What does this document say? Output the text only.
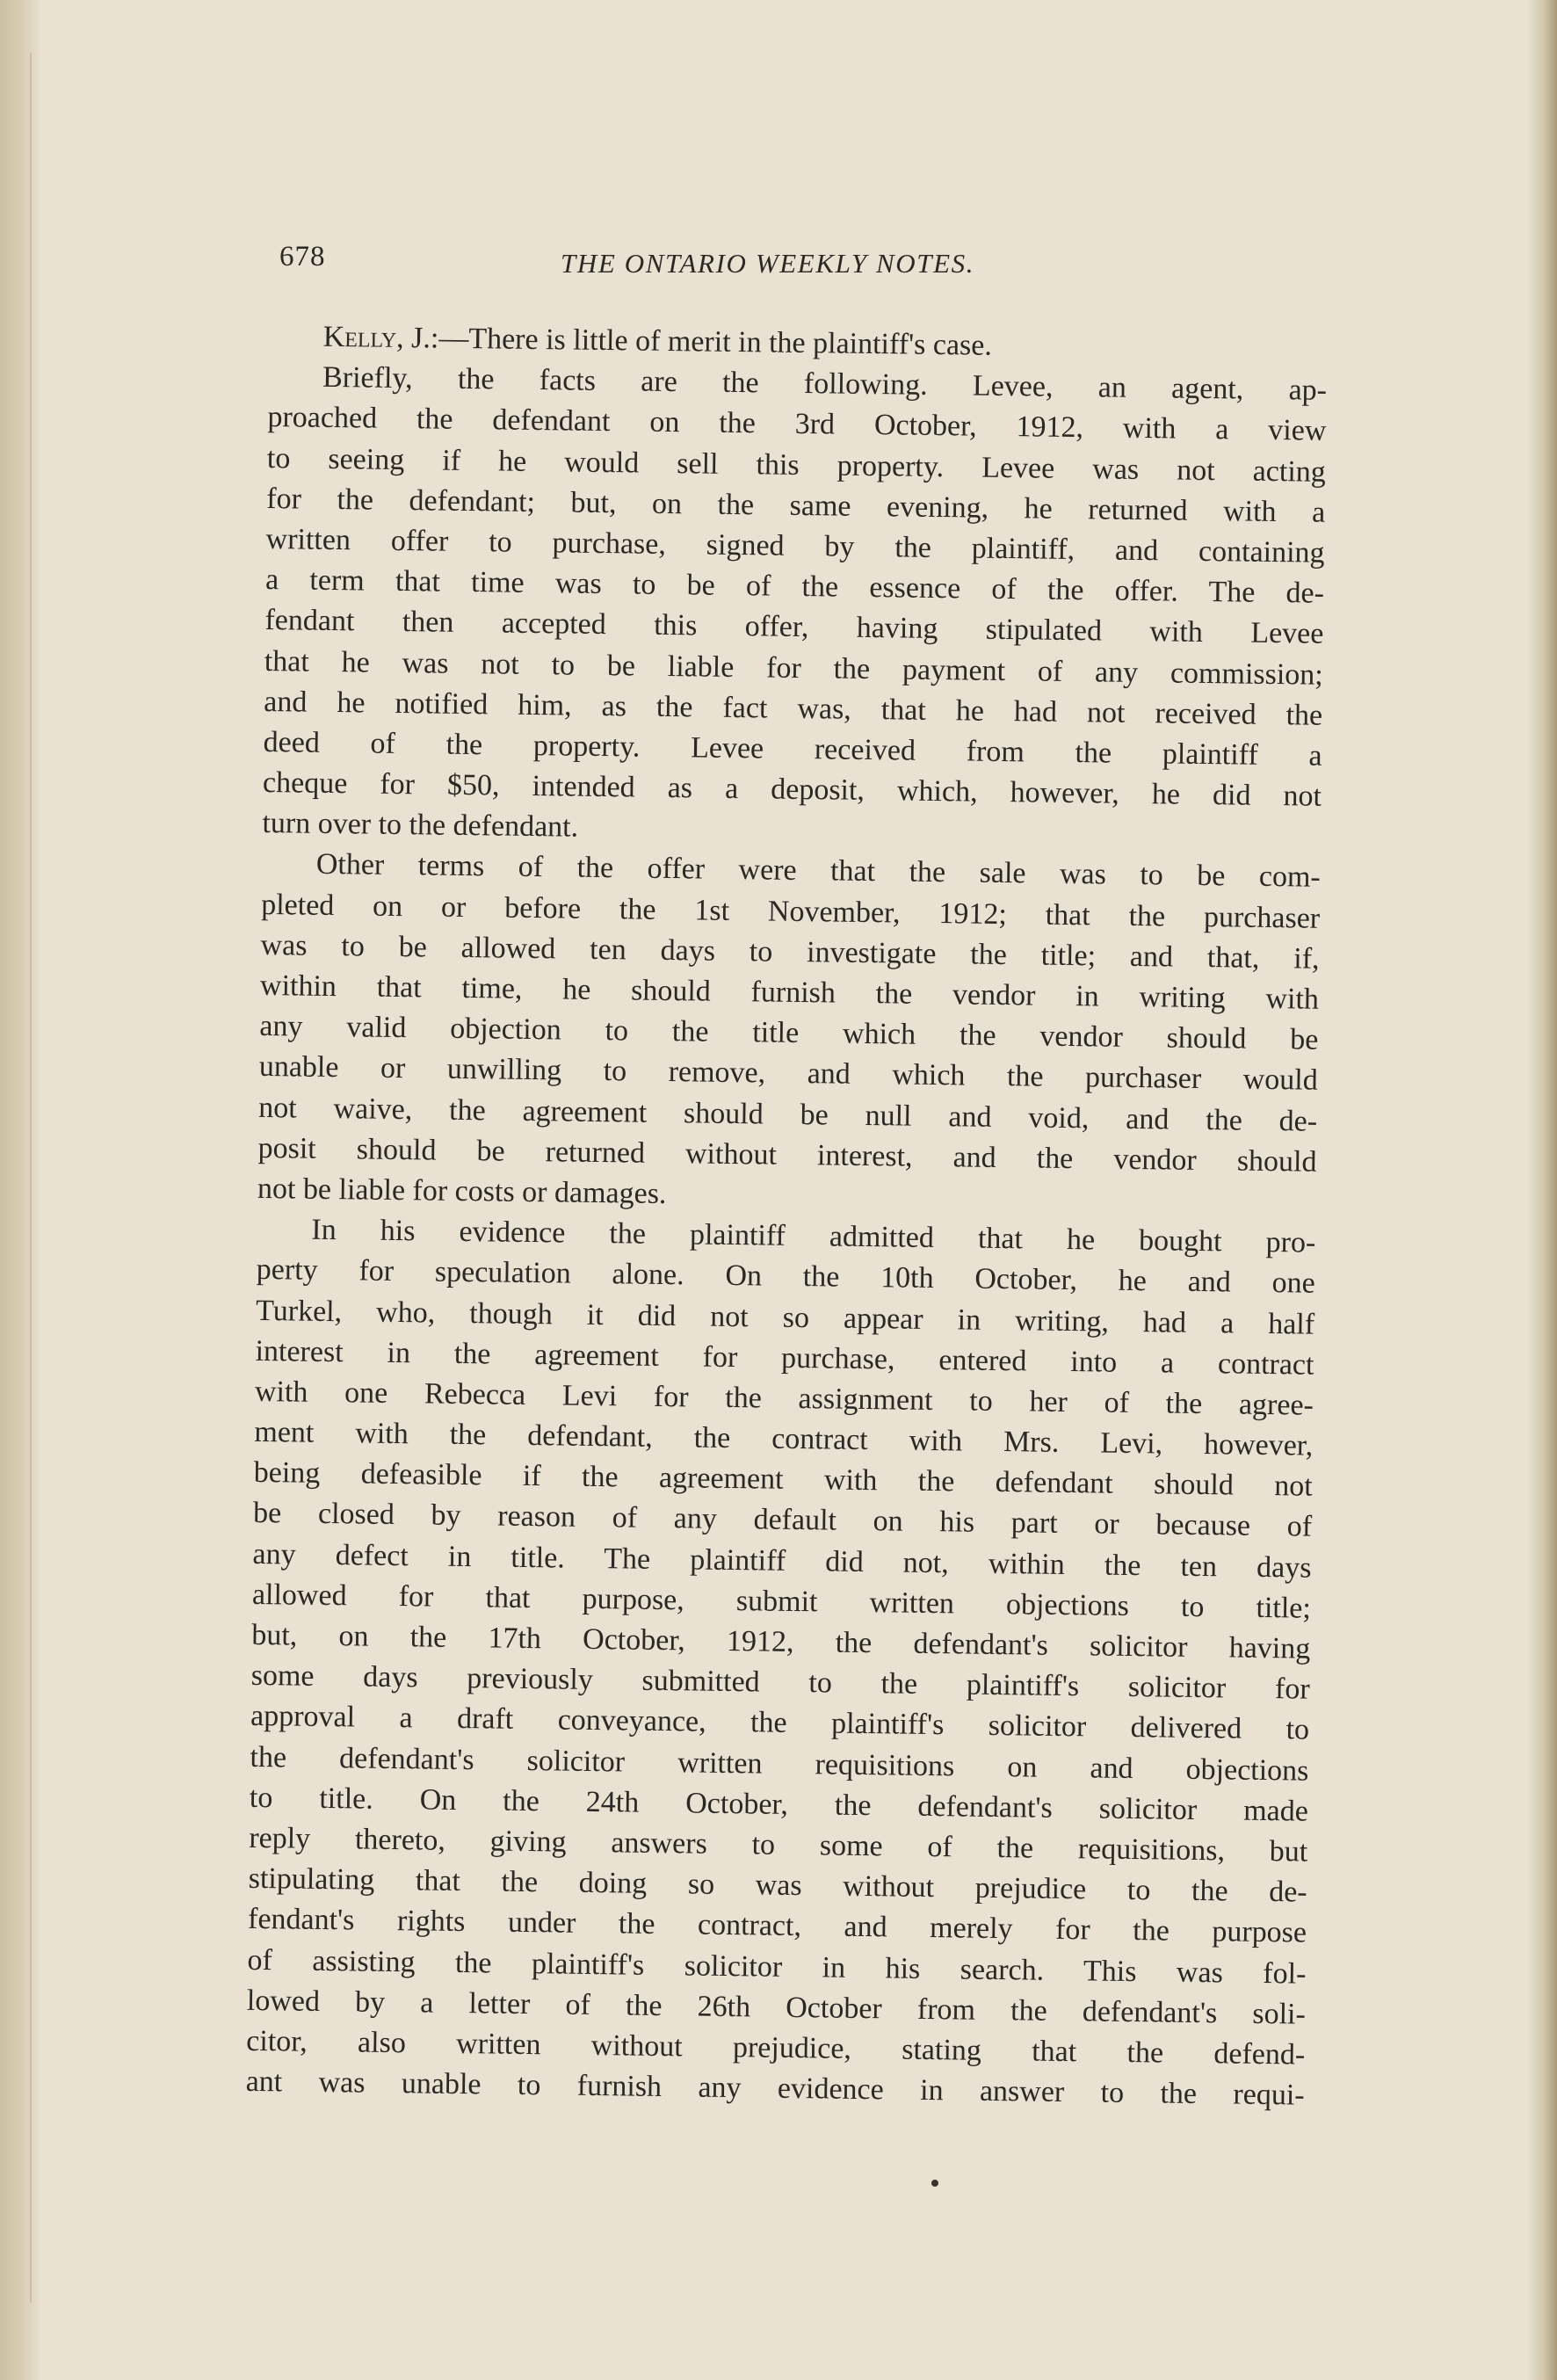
678	THE ONTARIO WEEKLY NOTES.
Kelly, J.:—There is little of merit in the plaintiff's case.
Briefly, the facts are the following. Levee, an agent, ap-
proached the defendant on the 3rd October, 1912, with a view
to seeing if he would sell this property. Levee was not acting
for the defendant; but, on the same evening, he returned with a
written offer to purchase, signed by the plaintiff, and containing
a term that time was to be of the essence of the offer. The de-
fendant then accepted this offer, having stipulated with Levee
that he was not to be liable for the payment of any commission;
and he notified him, as the fact was, that he had not received the
deed of the property. Levee received from the plaintiff a
cheque for $50, intended as a deposit, which, however, he did not
turn over to the defendant.
Other terms of the offer were that the sale was to be com-
pleted on or before the 1st November, 1912; that the purchaser
was to be allowed ten days to investigate the title; and that, if,
within that time, he should furnish the vendor in writing with
any valid objection to the title which the vendor should be
unable or unwilling to remove, and which the purchaser would
not waive, the agreement should be null and void, and the de-
posit should be returned without interest, and the vendor should
not be liable for costs or damages.
In his evidence the plaintiff admitted that he bought pro-
perty for speculation alone. On the 10th October, he and one
Turkel, who, though it did not so appear in writing, had a half
interest in the agreement for purchase, entered into a contract
with one Rebecca Levi for the assignment to her of the agree-
ment with the defendant, the contract with Mrs. Levi, however,
being defeasible if the agreement with the defendant should not
be closed by reason of any default on his part or because of
any defect in title. The plaintiff did not, within the ten days
allowed for that purpose, submit written objections to title;
but, on the 17th October, 1912, the defendant's solicitor having
some days previously submitted to the plaintiff's solicitor for
approval a draft conveyance, the plaintiff's solicitor delivered to
the defendant's solicitor written requisitions on and objections
to title. On the 24th October, the defendant's solicitor made
reply thereto, giving answers to some of the requisitions, but
stipulating that the doing so was without prejudice to the de-
fendant's rights under the contract, and merely for the purpose
of assisting the plaintiff's solicitor in his search. This was fol-
lowed by a letter of the 26th October from the defendant's soli-
citor, also written without prejudice, stating that the defend-
ant was unable to furnish any evidence in answer to the requi-
